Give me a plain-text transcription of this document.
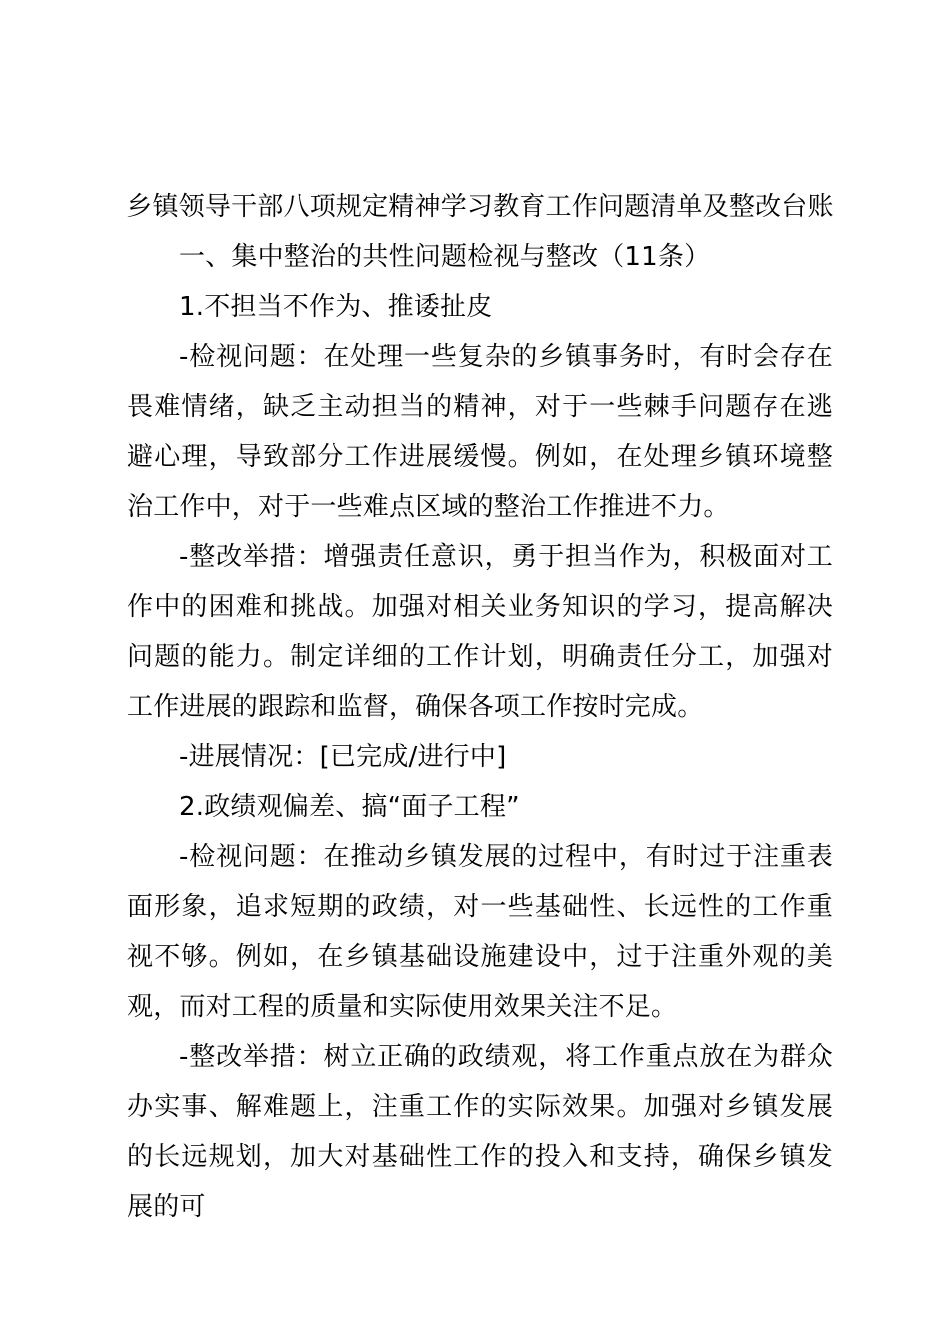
乡镇领导干部八项规定精神学习教育工作问题清单及整改台账

一、集中整治的共性问题检视与整改（11条）

1.不担当不作为、推诿扯皮

-检视问题：在处理一些复杂的乡镇事务时，有时会存在畏难情绪，缺乏主动担当的精神，对于一些棘手问题存在逃避心理，导致部分工作进展缓慢。例如，在处理乡镇环境整治工作中，对于一些难点区域的整治工作推进不力。

-整改举措：增强责任意识，勇于担当作为，积极面对工作中的困难和挑战。加强对相关业务知识的学习，提高解决问题的能力。制定详细的工作计划，明确责任分工，加强对工作进展的跟踪和监督，确保各项工作按时完成。

-进展情况：[已完成/进行中]

2.政绩观偏差、搞“面子工程”

-检视问题：在推动乡镇发展的过程中，有时过于注重表面形象，追求短期的政绩，对一些基础性、长远性的工作重视不够。例如，在乡镇基础设施建设中，过于注重外观的美观，而对工程的质量和实际使用效果关注不足。

-整改举措：树立正确的政绩观，将工作重点放在为群众办实事、解难题上，注重工作的实际效果。加强对乡镇发展的长远规划，加大对基础性工作的投入和支持，确保乡镇发展的可
